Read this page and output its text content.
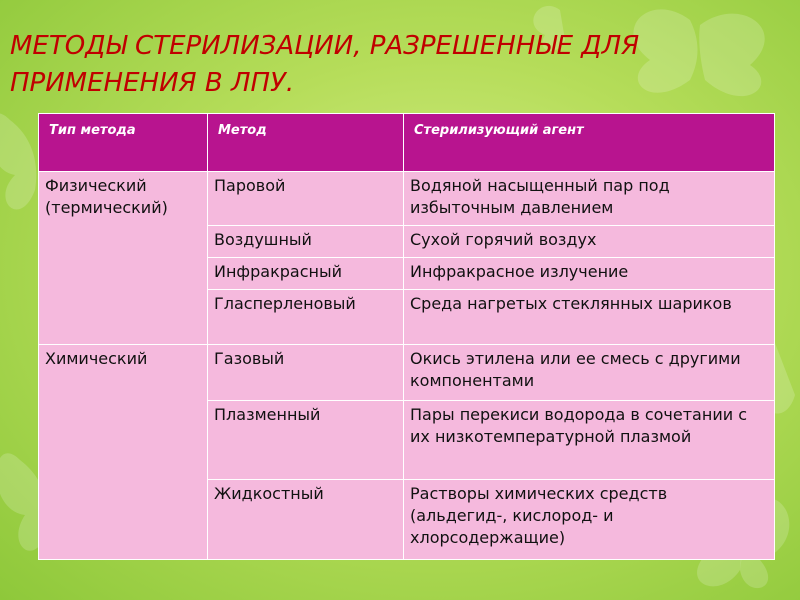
МЕТОДЫ СТЕРИЛИЗАЦИИ, РАЗРЕШЕННЫЕ ДЛЯ ПРИМЕНЕНИЯ В ЛПУ.
Тип метода	Метод	Стерилизующий агент
Физический (термический)	Паровой	Водяной насыщенный пар под избыточным давлением
	Воздушный	Сухой горячий воздух
	Инфракрасный	Инфракрасное излучение
	Гласперленовый	Среда нагретых стеклянных шариков
Химический	Газовый	Окись этилена или ее смесь с другими компонентами
	Плазменный	Пары перекиси водорода в сочетании с их низкотемпературной плазмой
	Жидкостный	Растворы химических средств (альдегид-, кислород- и хлорсодержащие)
